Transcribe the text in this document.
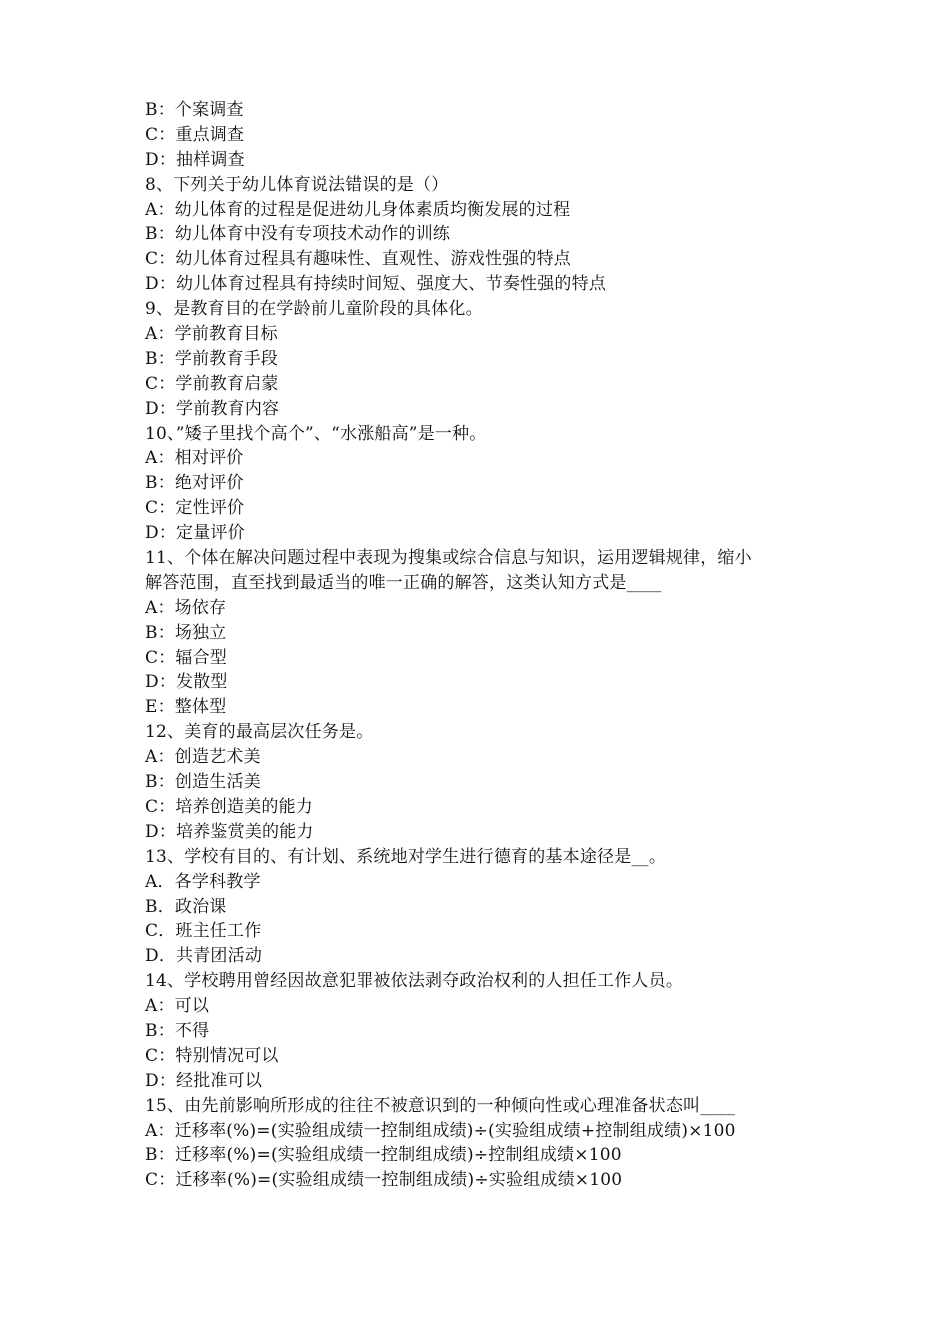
B：个案调查
C：重点调查
D：抽样调查
8、下列关于幼儿体育说法错误的是（）
A：幼儿体育的过程是促进幼儿身体素质均衡发展的过程
B：幼儿体育中没有专项技术动作的训练
C：幼儿体育过程具有趣味性、直观性、游戏性强的特点
D：幼儿体育过程具有持续时间短、强度大、节奏性强的特点
9、是教育目的在学龄前儿童阶段的具体化。
A：学前教育目标
B：学前教育手段
C：学前教育启蒙
D：学前教育内容
10、”矮子里找个高个”、“水涨船高”是一种。
A：相对评价
B：绝对评价
C：定性评价
D：定量评价
11、个体在解决问题过程中表现为搜集或综合信息与知识，运用逻辑规律，缩小
解答范围，直至找到最适当的唯一正确的解答，这类认知方式是____
A：场依存
B：场独立
C：辐合型
D：发散型
E：整体型
12、美育的最高层次任务是。
A：创造艺术美
B：创造生活美
C：培养创造美的能力
D：培养鉴赏美的能力
13、学校有目的、有计划、系统地对学生进行德育的基本途径是__。
A．各学科教学
B．政治课
C．班主任工作
D．共青团活动
14、学校聘用曾经因故意犯罪被依法剥夺政治权利的人担任工作人员。
A：可以
B：不得
C：特别情况可以
D：经批准可以
15、由先前影响所形成的往往不被意识到的一种倾向性或心理准备状态叫____
A：迁移率(%)=(实验组成绩一控制组成绩)÷(实验组成绩+控制组成绩)×100
B：迁移率(%)=(实验组成绩一控制组成绩)÷控制组成绩×100
C：迁移率(%)=(实验组成绩一控制组成绩)÷实验组成绩×100
